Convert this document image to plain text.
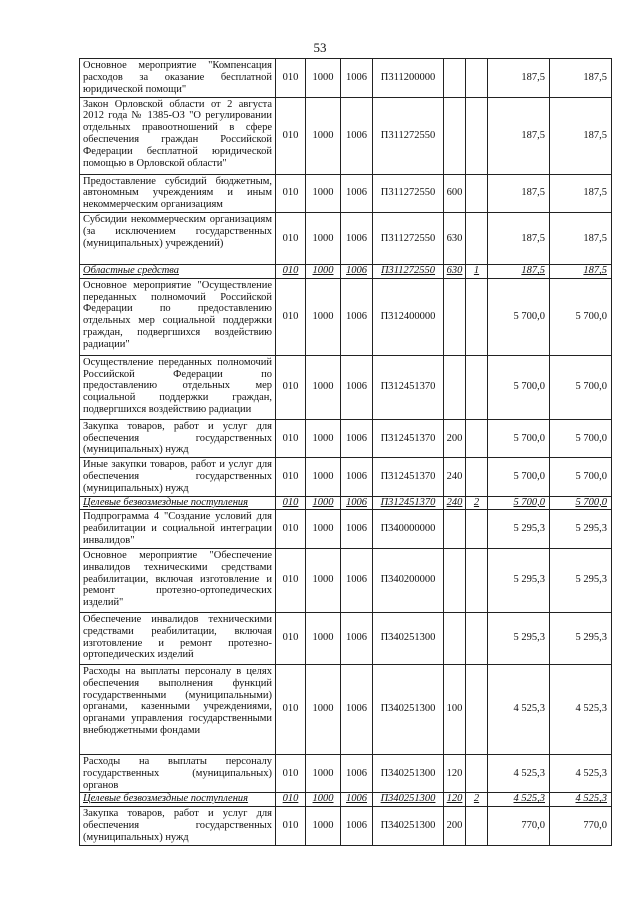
53
Основное мероприятие "Компенсация расходов за оказание бесплатной юридической помощи"	010	1000	1006	П311200000			187,5	187,5
Закон Орловской области от 2 августа 2012 года № 1385-ОЗ "О регулировании отдельных правоотношений в сфере обеспечения граждан Российской Федерации бесплатной юридической помощью в Орловской области"	010	1000	1006	П311272550			187,5	187,5
Предоставление субсидий бюджетным, автономным учреждениям и иным некоммерческим организациям	010	1000	1006	П311272550	600		187,5	187,5
Субсидии некоммерческим организациям (за исключением государственных (муниципальных) учреждений)	010	1000	1006	П311272550	630		187,5	187,5
Областные средства	010	1000	1006	П311272550	630	1	187,5	187,5
Основное мероприятие "Осуществление переданных полномочий Российской Федерации по предоставлению отдельных мер социальной поддержки граждан, подвергшихся воздействию радиации"	010	1000	1006	П312400000			5 700,0	5 700,0
Осуществление переданных полномочий Российской Федерации по предоставлению отдельных мер социальной поддержки граждан, подвергшихся воздействию радиации	010	1000	1006	П312451370			5 700,0	5 700,0
Закупка товаров, работ и услуг для обеспечения государственных (муниципальных) нужд	010	1000	1006	П312451370	200		5 700,0	5 700,0
Иные закупки товаров, работ и услуг для обеспечения государственных (муниципальных) нужд	010	1000	1006	П312451370	240		5 700,0	5 700,0
Целевые безвозмездные поступления	010	1000	1006	П312451370	240	2	5 700,0	5 700,0
Подпрограмма 4 "Создание условий для реабилитации и социальной интеграции инвалидов"	010	1000	1006	П340000000			5 295,3	5 295,3
Основное мероприятие "Обеспечение инвалидов техническими средствами реабилитации, включая изготовление и ремонт протезно-ортопедических изделий"	010	1000	1006	П340200000			5 295,3	5 295,3
Обеспечение инвалидов техническими средствами реабилитации, включая изготовление и ремонт протезно-ортопедических изделий	010	1000	1006	П340251300			5 295,3	5 295,3
Расходы на выплаты персоналу в целях обеспечения выполнения функций государственными (муниципальными) органами, казенными учреждениями, органами управления государственными внебюджетными фондами	010	1000	1006	П340251300	100		4 525,3	4 525,3
Расходы на выплаты персоналу государственных (муниципальных) органов	010	1000	1006	П340251300	120		4 525,3	4 525,3
Целевые безвозмездные поступления	010	1000	1006	П340251300	120	2	4 525,3	4 525,3
Закупка товаров, работ и услуг для обеспечения государственных (муниципальных) нужд	010	1000	1006	П340251300	200		770,0	770,0
